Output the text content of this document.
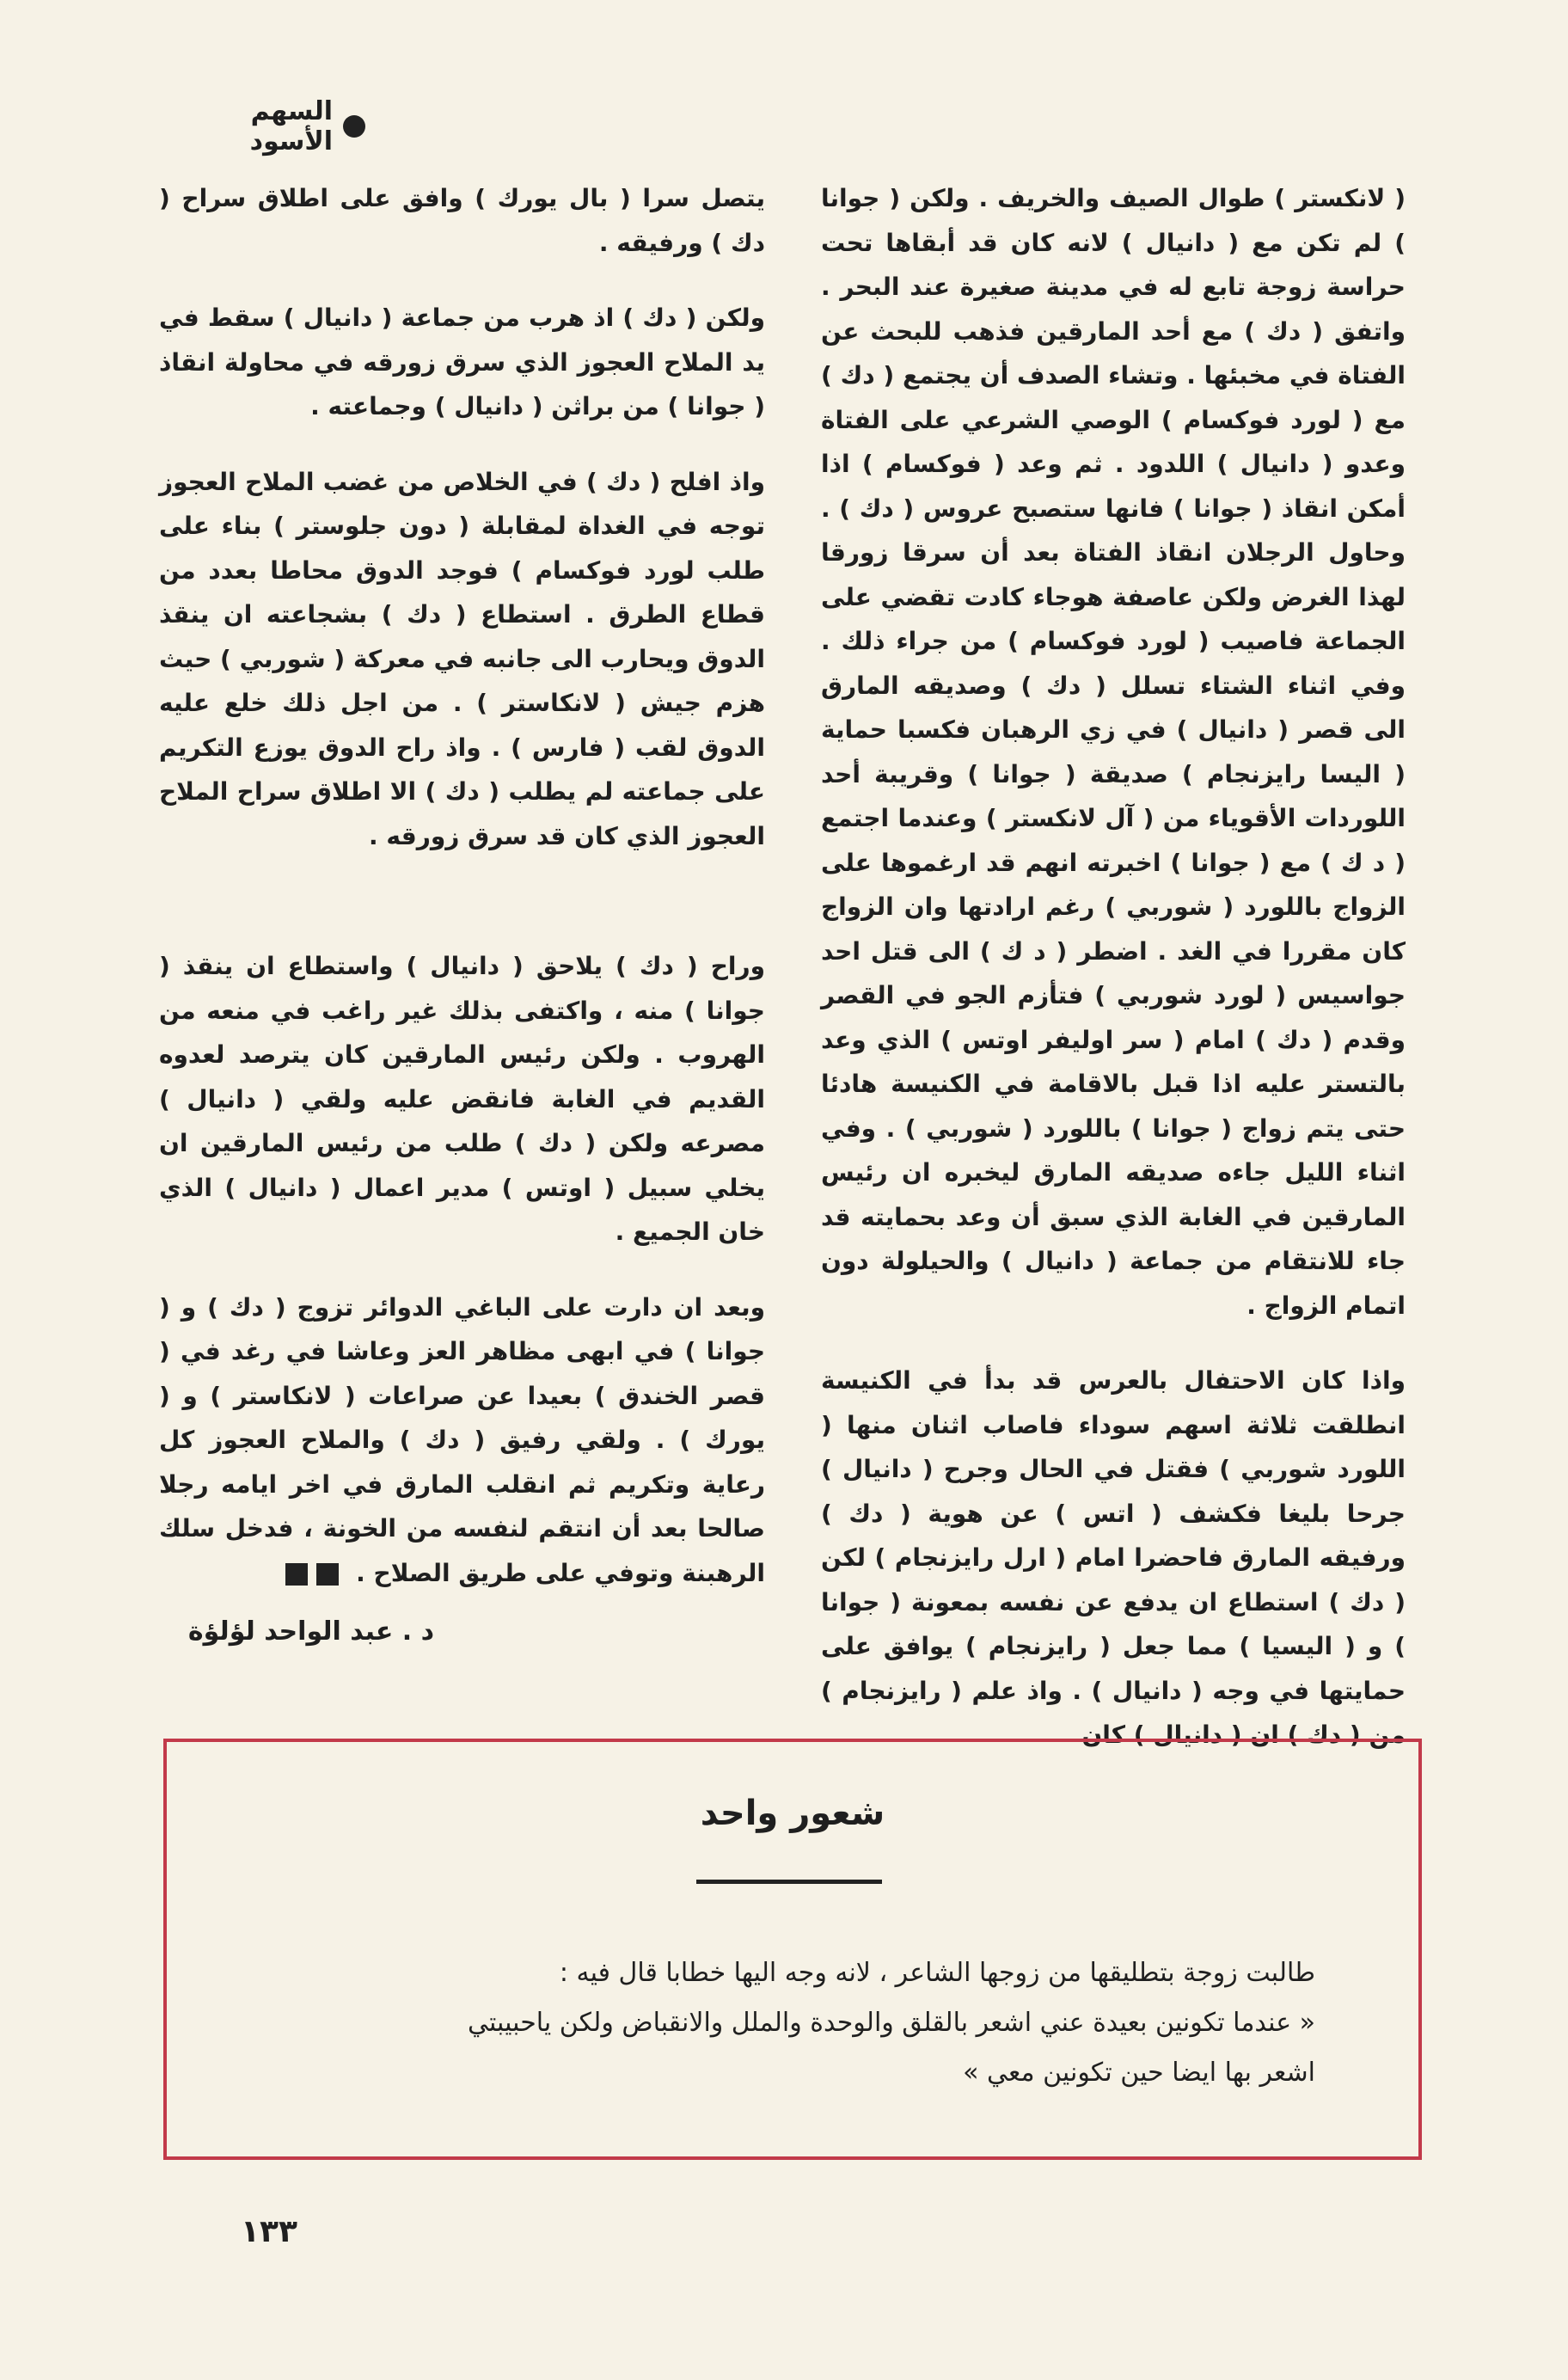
السهم الأسود

( لانكستر ) طوال الصيف والخريف . ولكن ( جوانا ) لم تكن مع ( دانيال ) لانه كان قد أبقاها تحت حراسة زوجة تابع له في مدينة صغيرة عند البحر . واتفق ( دك ) مع أحد المارقين فذهب للبحث عن الفتاة في مخبئها . وتشاء الصدف أن يجتمع ( دك ) مع ( لورد فوكسام ) الوصي الشرعي على الفتاة وعدو ( دانيال ) اللدود . ثم وعد ( فوكسام ) اذا أمكن انقاذ ( جوانا ) فانها ستصبح عروس ( دك ) . وحاول الرجلان انقاذ الفتاة بعد أن سرقا زورقا لهذا الغرض ولكن عاصفة هوجاء كادت تقضي على الجماعة فاصيب ( لورد فوكسام ) من جراء ذلك . وفي اثناء الشتاء تسلل ( دك ) وصديقه المارق الى قصر ( دانيال ) في زي الرهبان فكسبا حماية ( اليسا رايزنجام ) صديقة ( جوانا ) وقريبة أحد اللوردات الأقوياء من ( آل لانكستر ) وعندما اجتمع ( د ك ) مع ( جوانا ) اخبرته انهم قد ارغموها على الزواج باللورد ( شوربي ) رغم ارادتها وان الزواج كان مقررا في الغد . اضطر ( د ك ) الى قتل احد جواسيس ( لورد شوربي ) فتأزم الجو في القصر وقدم ( دك ) امام ( سر اوليفر اوتس ) الذي وعد بالتستر عليه اذا قبل بالاقامة في الكنيسة هادئا حتى يتم زواج ( جوانا ) باللورد ( شوربي ) . وفي اثناء الليل جاءه صديقه المارق ليخبره ان رئيس المارقين في الغابة الذي سبق أن وعد بحمايته قد جاء للانتقام من جماعة ( دانيال ) والحيلولة دون اتمام الزواج .

واذا كان الاحتفال بالعرس قد بدأ في الكنيسة انطلقت ثلاثة اسهم سوداء فاصاب اثنان منها ( اللورد شوربي ) فقتل في الحال وجرح ( دانيال ) جرحا بليغا فكشف ( اتس ) عن هوية ( دك ) ورفيقه المارق فاحضرا امام ( ارل رايزنجام ) لكن ( دك ) استطاع ان يدفع عن نفسه بمعونة ( جوانا ) و ( اليسيا ) مما جعل ( رايزنجام ) يوافق على حمايتها في وجه ( دانيال ) . واذ علم ( رايزنجام ) من ( دك ) ان ( دانيال ) كان

يتصل سرا ( بال يورك ) وافق على اطلاق سراح ( دك ) ورفيقه .

ولكن ( دك ) اذ هرب من جماعة ( دانيال ) سقط في يد الملاح العجوز الذي سرق زورقه في محاولة انقاذ ( جوانا ) من براثن ( دانيال ) وجماعته .

واذ افلح ( دك ) في الخلاص من غضب الملاح العجوز توجه في الغداة لمقابلة ( دون جلوستر ) بناء على طلب لورد فوكسام ) فوجد الدوق محاطا بعدد من قطاع الطرق . استطاع ( دك ) بشجاعته ان ينقذ الدوق ويحارب الى جانبه في معركة ( شوربي ) حيث هزم جيش ( لانكاستر ) . من اجل ذلك خلع عليه الدوق لقب ( فارس ) . واذ راح الدوق يوزع التكريم على جماعته لم يطلب ( دك ) الا اطلاق سراح الملاح العجوز الذي كان قد سرق زورقه .

وراح ( دك ) يلاحق ( دانيال ) واستطاع ان ينقذ ( جوانا ) منه ، واكتفى بذلك غير راغب في منعه من الهروب . ولكن رئيس المارقين كان يترصد لعدوه القديم في الغابة فانقض عليه ولقي ( دانيال ) مصرعه ولكن ( دك ) طلب من رئيس المارقين ان يخلي سبيل ( اوتس ) مدير اعمال ( دانيال ) الذي خان الجميع .

وبعد ان دارت على الباغي الدوائر تزوج ( دك ) و ( جوانا ) في ابهى مظاهر العز وعاشا في رغد في ( قصر الخندق ) بعيدا عن صراعات ( لانكاستر ) و ( يورك ) . ولقي رفيق ( دك ) والملاح العجوز كل رعاية وتكريم ثم انقلب المارق في اخر ايامه رجلا صالحا بعد أن انتقم لنفسه من الخونة ، فدخل سلك الرهبنة وتوفي على طريق الصلاح .

د . عبد الواحد لؤلؤة
شعور واحد
طالبت زوجة بتطليقها من زوجها الشاعر ، لانه وجه اليها خطابا قال فيه :
« عندما تكونين بعيدة عني اشعر بالقلق والوحدة والملل والانقباض ولكن ياحبيبتي
اشعر بها ايضا حين تكونين معي »
١٣٣
